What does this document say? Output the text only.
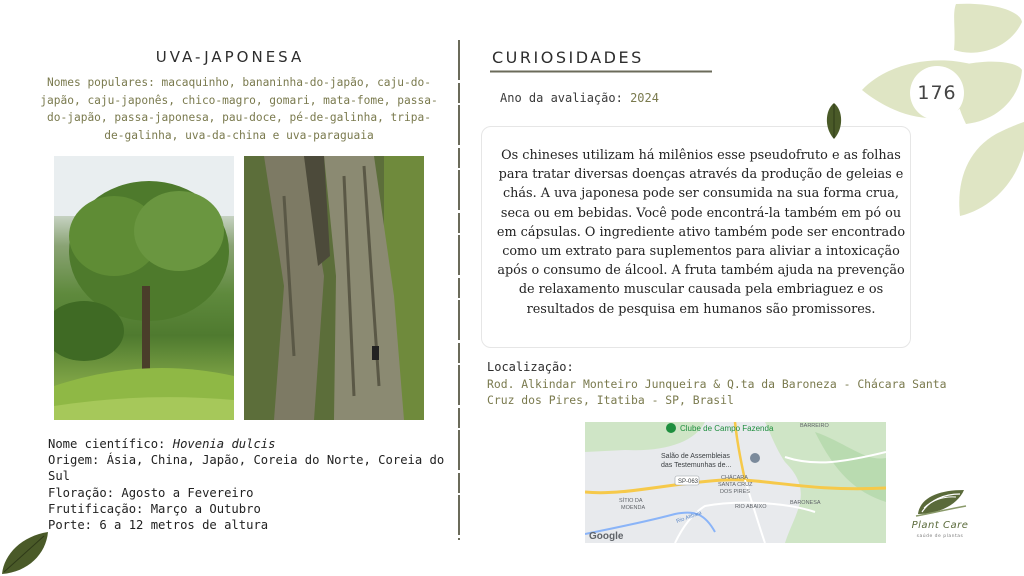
176
UVA-JAPONESA
Nomes populares: macaquinho, bananinha-do-japão, caju-do-japão, caju-japonês, chico-magro, gomari, mata-fome, passa-do-japão, passa-japonesa, pau-doce, pé-de-galinha, tripa-de-galinha, uva-da-china e uva-paraguaia

Nome científico: Hovenia dulcis

Origem: Ásia, China, Japão, Coreia do Norte, Coreia do Sul

Floração: Agosto a Fevereiro

Frutificação: Março a Outubro

Porte: 6 a 12 metros de altura

CURIOSIDADES
Ano da avaliação: 2024
Os chineses utilizam há milênios esse pseudofruto e as folhas para tratar diversas doenças através da produção de geleias e chás. A uva japonesa pode ser consumida na sua forma crua, seca ou em bebidas. Você pode encontrá-la também em pó ou em cápsulas. O ingrediente ativo também pode ser encontrado como um extrato para suplementos para aliviar a intoxicação após o consumo de álcool. A fruta também ajuda na prevenção de relaxamento muscular causada pela embriaguez e os resultados de pesquisa em humanos são promissores.
Localização:
Rod. Alkindar Monteiro Junqueira & Q.ta da Baroneza - Chácara Santa Cruz dos Pires, Itatiba - SP, Brasil
Clube de Campo Fazenda	BARREIRO
Salão de Assembleias
das Testemunhas de...
SP-063
CHÁCARA
SANTA CRUZ
DOS PIRES
SÍTIO DA
MOENDA
Rio Atibaia
RIO ABAIXO
BARONESA
Google
Plant Care
saúde de plantas
